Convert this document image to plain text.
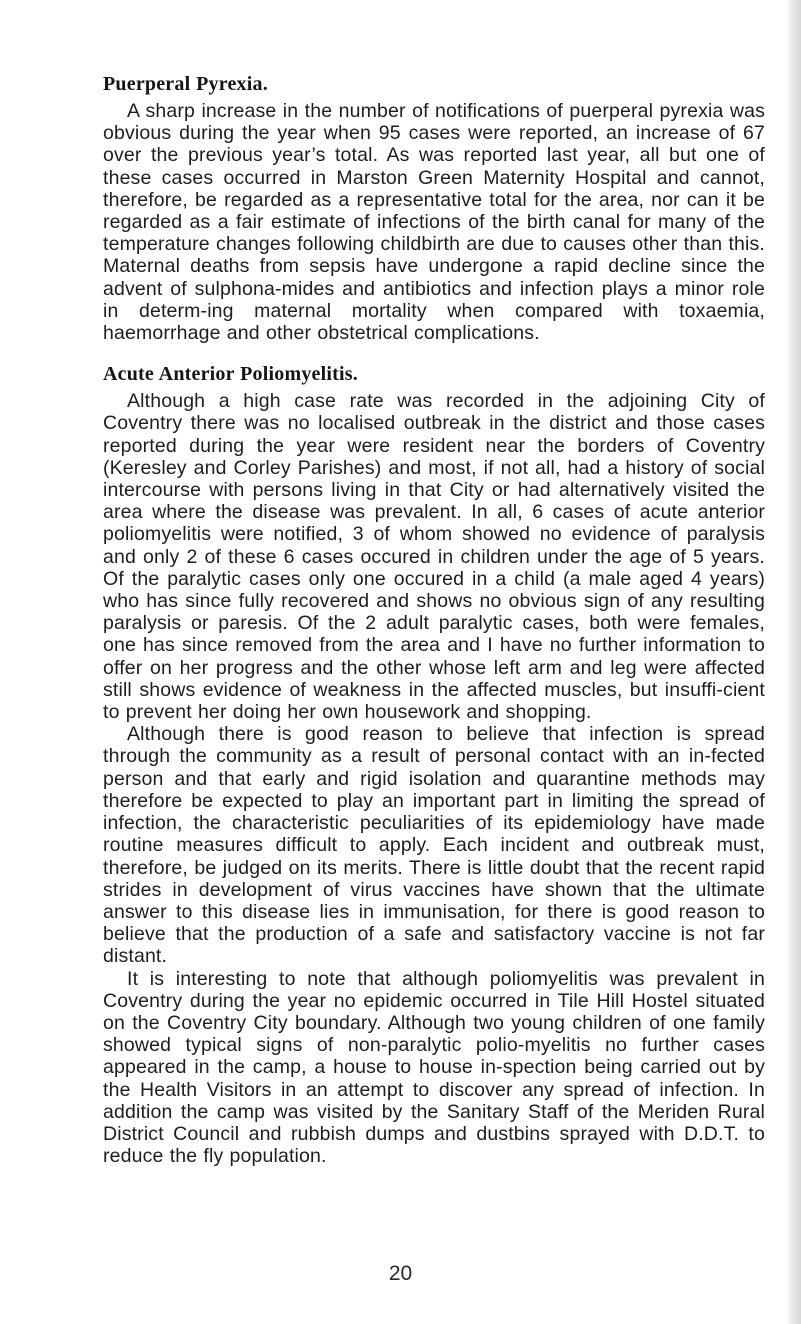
Puerperal Pyrexia.

A sharp increase in the number of notifications of puerperal pyrexia was obvious during the year when 95 cases were reported, an increase of 67 over the previous year’s total. As was reported last year, all but one of these cases occurred in Marston Green Maternity Hospital and cannot, therefore, be regarded as a representative total for the area, nor can it be regarded as a fair estimate of infections of the birth canal for many of the temperature changes following childbirth are due to causes other than this. Maternal deaths from sepsis have undergone a rapid decline since the advent of sulphona-mides and antibiotics and infection plays a minor role in determ-ing maternal mortality when compared with toxaemia, haemorrhage and other obstetrical complications.

Acute Anterior Poliomyelitis.

Although a high case rate was recorded in the adjoining City of Coventry there was no localised outbreak in the district and those cases reported during the year were resident near the borders of Coventry (Keresley and Corley Parishes) and most, if not all, had a history of social intercourse with persons living in that City or had alternatively visited the area where the disease was prevalent. In all, 6 cases of acute anterior poliomyelitis were notified, 3 of whom showed no evidence of paralysis and only 2 of these 6 cases occured in children under the age of 5 years. Of the paralytic cases only one occured in a child (a male aged 4 years) who has since fully recovered and shows no obvious sign of any resulting paralysis or paresis. Of the 2 adult paralytic cases, both were females, one has since removed from the area and I have no further information to offer on her progress and the other whose left arm and leg were affected still shows evidence of weakness in the affected muscles, but insuffi-cient to prevent her doing her own housework and shopping.

Although there is good reason to believe that infection is spread through the community as a result of personal contact with an in-fected person and that early and rigid isolation and quarantine methods may therefore be expected to play an important part in limiting the spread of infection, the characteristic peculiarities of its epidemiology have made routine measures difficult to apply. Each incident and outbreak must, therefore, be judged on its merits. There is little doubt that the recent rapid strides in development of virus vaccines have shown that the ultimate answer to this disease lies in immunisation, for there is good reason to believe that the production of a safe and satisfactory vaccine is not far distant.

It is interesting to note that although poliomyelitis was prevalent in Coventry during the year no epidemic occurred in Tile Hill Hostel situated on the Coventry City boundary. Although two young children of one family showed typical signs of non-paralytic polio-myelitis no further cases appeared in the camp, a house to house in-spection being carried out by the Health Visitors in an attempt to discover any spread of infection. In addition the camp was visited by the Sanitary Staff of the Meriden Rural District Council and rubbish dumps and dustbins sprayed with D.D.T. to reduce the fly population.

20
